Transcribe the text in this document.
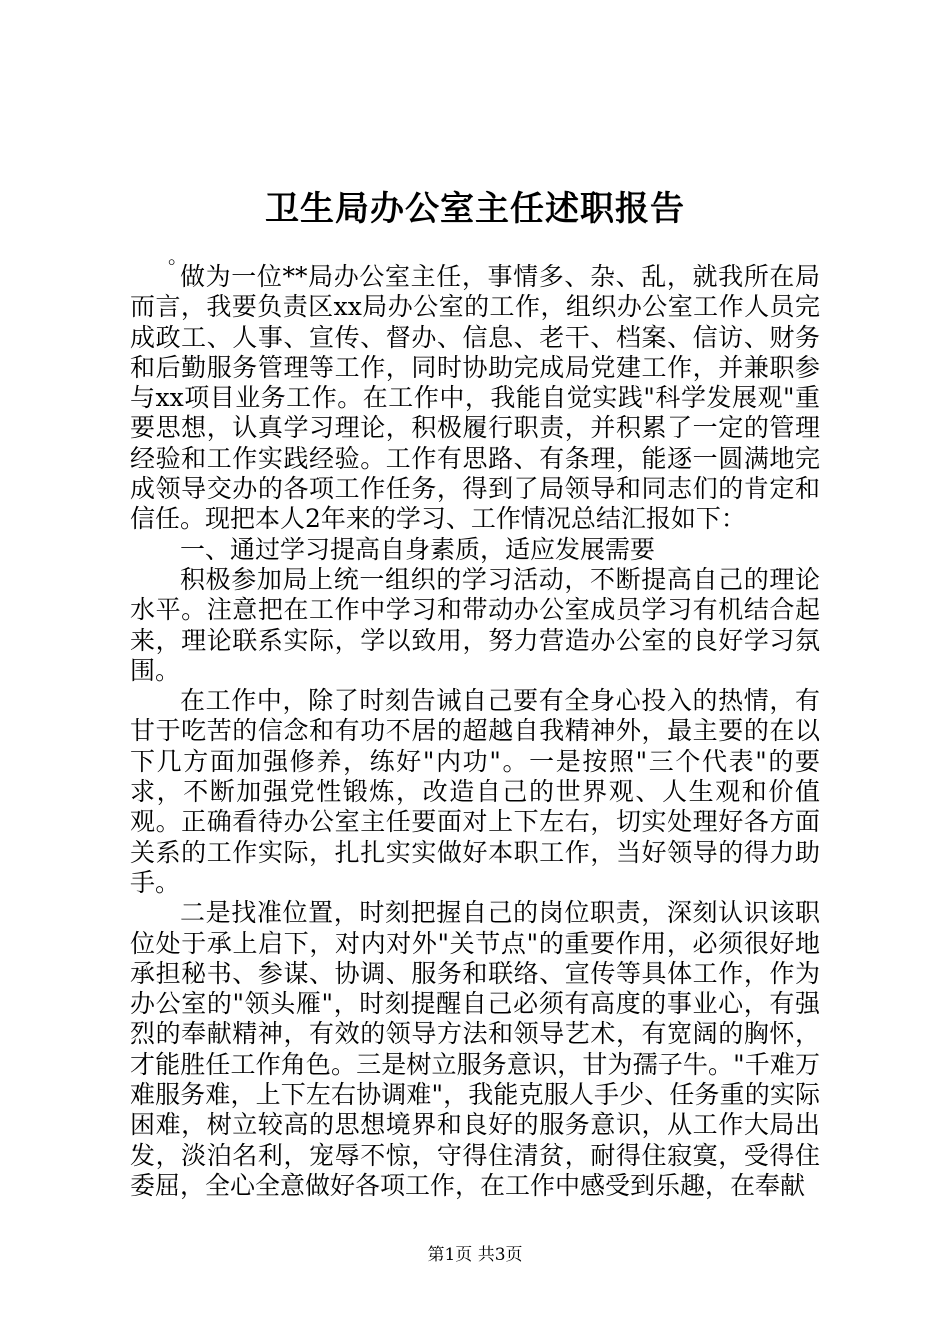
卫生局办公室主任述职报告
。

做为一位**局办公室主任，事情多、杂、乱，就我所在局而言，我要负责区xx局办公室的工作，组织办公室工作人员完成政工、人事、宣传、督办、信息、老干、档案、信访、财务和后勤服务管理等工作，同时协助完成局党建工作，并兼职参与xx项目业务工作。在工作中，我能自觉实践"科学发展观"重要思想，认真学习理论，积极履行职责，并积累了一定的管理经验和工作实践经验。工作有思路、有条理，能逐一圆满地完成领导交办的各项工作任务，得到了局领导和同志们的肯定和信任。现把本人2年来的学习、工作情况总结汇报如下：

一、通过学习提高自身素质，适应发展需要

积极参加局上统一组织的学习活动，不断提高自己的理论水平。注意把在工作中学习和带动办公室成员学习有机结合起来，理论联系实际，学以致用，努力营造办公室的良好学习氛围。

在工作中，除了时刻告诫自己要有全身心投入的热情，有甘于吃苦的信念和有功不居的超越自我精神外，最主要的在以下几方面加强修养，练好"内功"。一是按照"三个代表"的要求，不断加强党性锻炼，改造自己的世界观、人生观和价值观。正确看待办公室主任要面对上下左右，切实处理好各方面关系的工作实际，扎扎实实做好本职工作，当好领导的得力助手。

二是找准位置，时刻把握自己的岗位职责，深刻认识该职位处于承上启下，对内对外"关节点"的重要作用，必须很好地承担秘书、参谋、协调、服务和联络、宣传等具体工作，作为办公室的"领头雁"，时刻提醒自己必须有高度的事业心，有强烈的奉献精神，有效的领导方法和领导艺术，有宽阔的胸怀，才能胜任工作角色。三是树立服务意识，甘为孺子牛。"千难万难服务难，上下左右协调难"，我能克服人手少、任务重的实际困难，树立较高的思想境界和良好的服务意识，从工作大局出发，淡泊名利，宠辱不惊，守得住清贫，耐得住寂寞，受得住委屈，全心全意做好各项工作，在工作中感受到乐趣，在奉献

第1页 共3页
